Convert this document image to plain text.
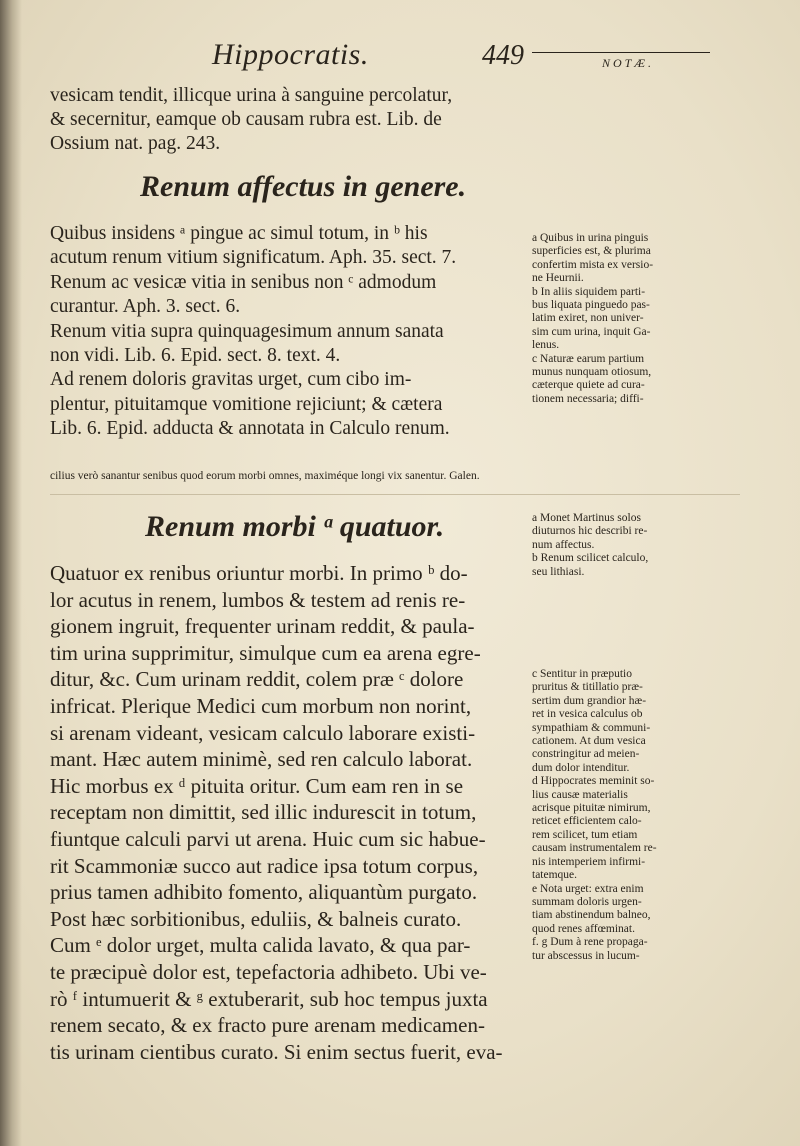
Hippocratis.	449	NOTÆ.
vesicam tendit, illicque urina à sanguine percolatur,
& secernitur, eamque ob causam rubra est. Lib. de
Ossium nat. pag. 243.
Renum affectus in genere.
Quibus insidens ᵃ pingue ac simul totum, in ᵇ his
acutum renum vitium significatum. Aph. 35. sect. 7.
Renum ac vesicæ vitia in senibus non ᶜ admodum
curantur. Aph. 3. sect. 6.
Renum vitia supra quinquagesimum annum sanata
non vidi. Lib. 6. Epid. sect. 8. text. 4.
Ad renem doloris gravitas urget, cum cibo im-
plentur, pituitamque vomitione rejiciunt; & cætera
Lib. 6. Epid. adducta & annotata in Calculo renum.
a Quibus in urina pinguis
superficies est, & plurima
confertim mista ex versio-
ne Heurnii.
b In aliis siquidem parti-
bus liquata pinguedo pas-
latim exiret, non univer-
sim cum urina, inquit Ga-
lenus.
c Naturæ earum partium
munus nunquam otiosum,
cæterque quiete ad cura-
tionem necessaria; diffi-
cilius verò sanantur senibus quod eorum morbi omnes, maximéque longi vix sanentur. Galen.
Renum morbi ᵃ quatuor.	a Monet Martinus solos
diuturnos hic describi re-
num affectus.
b Renum scilicet calculo,
seu lithiasi.
Quatuor ex renibus oriuntur morbi. In primo ᵇ do-
lor acutus in renem, lumbos & testem ad renis re-
gionem ingruit, frequenter urinam reddit, & paula-
tim urina supprimitur, simulque cum ea arena egre-
ditur, &c. Cum urinam reddit, colem præ ᶜ dolore
infricat. Plerique Medici cum morbum non norint,
si arenam videant, vesicam calculo laborare existi-
mant. Hæc autem minimè, sed ren calculo laborat.
Hic morbus ex ᵈ pituita oritur. Cum eam ren in se
receptam non dimittit, sed illic indurescit in totum,
fiuntque calculi parvi ut arena. Huic cum sic habue-
rit Scammoniæ succo aut radice ipsa totum corpus,
prius tamen adhibito fomento, aliquantùm purgato.
Post hæc sorbitionibus, eduliis, & balneis curato.
Cum ᵉ dolor urget, multa calida lavato, & qua par-
te præcipuè dolor est, tepefactoria adhibeto. Ubi ve-
rò ᶠ intumuerit & ᵍ extuberarit, sub hoc tempus juxta
renem secato, & ex fracto pure arenam medicamen-
tis urinam cientibus curato. Si enim sectus fuerit, eva-
c Sentitur in præputio
pruritus & titillatio præ-
sertim dum grandior hæ-
ret in vesica calculus ob
sympathiam & communi-
cationem. At dum vesica
constringitur ad meien-
dum dolor intenditur.
d Hippocrates meminit so-
lius causæ materialis
acrisque pituitæ nimirum,
reticet efficientem calo-
rem scilicet, tum etiam
causam instrumentalem re-
nis intemperiem infirmi-
tatemque.
e Nota urget: extra enim
summam doloris urgen-
tiam abstinendum balneo,
quod renes affœminat.
f. g Dum à rene propaga-
tur abscessus in lucum-
